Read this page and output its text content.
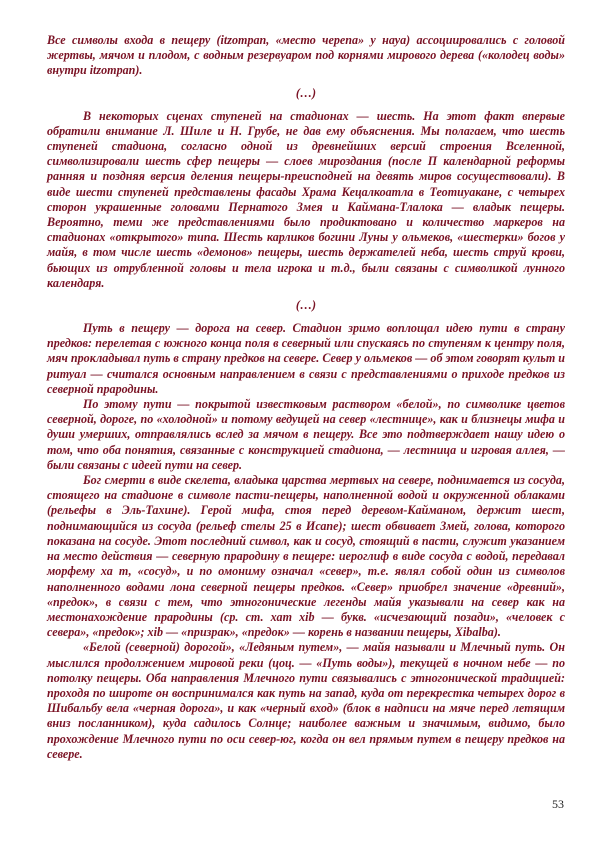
Все символы входа в пещеру (itzompan, «место черепа» у науа) ассоциировались с головой жертвы, мячом и плодом, с водным резервуаром под корнями мирового дерева («колодец воды» внутри itzompan).

(…)

В некоторых сценах ступеней на стадионах — шесть. На этот факт впервые обратили внимание Л. Шиле и Н. Грубе, не дав ему объяснения. Мы полагаем, что шесть ступеней стадиона, согласно одной из древнейших версий строения Вселенной, символизировали шесть сфер пещеры — слоев мироздания (после П календарной реформы ранняя и поздняя версия деления пещеры-преисподней на девять миров сосуществовали). В виде шести ступеней представлены фасады Храма Кецалкоатла в Теотиуакане, с четырех сторон украшенные головами Пернатого Змея и Каймана-Тлалока — владык пещеры. Вероятно, теми же представлениями было продиктовано и количество маркеров на стадионах «открытого» типа. Шесть карликов богини Луны у ольмеков, «шестерки» богов у майя, в том числе шесть «демонов» пещеры, шесть держателей неба, шесть струй крови, бьющих из отрубленной головы и тела игрока и т.д., были связаны с символикой лунного календаря.

(…)

Путь в пещеру — дорога на север. Стадион зримо воплощал идею пути в страну предков: перелетая с южного конца поля в северный или спускаясь по ступеням к центру поля, мяч прокладывал путь в страну предков на севере. Север у ольмеков — об этом говорят культ и ритуал — считался основным направлением в связи с представлениями о приходе предков из северной прародины.

По этому пути — покрытой известковым раствором «белой», по символике цветов северной, дороге, по «холодной» и потому ведущей на север «лестнице», как и близнецы мифа и души умерших, отправлялись вслед за мячом в пещеру. Все это подтверждает нашу идею о том, что оба понятия, связанные с конструкцией стадиона, — лестница и игровая аллея, — были связаны с идеей пути на север.

Бог смерти в виде скелета, владыка царства мертвых на севере, поднимается из сосуда, стоящего на стадионе в символе пасти-пещеры, наполненной водой и окруженной облаками (рельефы в Эль-Тахине). Герой мифа, стоя перед деревом-Кайманом, держит шест, поднимающийся из сосуда (рельеф стелы 25 в Исапе); шест обвивает Змей, голова, которого показана на сосуде. Этот последний символ, как и сосуд, стоящий в пасти, служит указанием на место действия — северную прародину в пещере: иероглиф в виде сосуда с водой, передавал морфему ха т, «сосуд», и по омониму означал «север», т.е. являл собой один из символов наполненного водами лона северной пещеры предков. «Север» приобрел значение «древний», «предок», в связи с тем, что этногонические легенды майя указывали на север как на местонахождение прародины (ср. ст. хат xib — букв. «исчезающий позади», «человек с севера», «предок»; xib — «призрак», «предок» — корень в названии пещеры, Xibalba).

«Белой (северной) дорогой», «Ледяным путем», — майя называли и Млечный путь. Он мыслился продолжением мировой реки (цоц. — «Путь воды»), текущей в ночном небе — по потолку пещеры. Оба направления Млечного пути связывались с этногонической традицией: проходя по широте он воспринимался как путь на запад, куда от перекрестка четырех дорог в Шибальбу вела «черная дорога», и как «черный вход» (блок в надписи на мяче перед летящим вниз посланником), куда садилось Солнце; наиболее важным и значимым, видимо, было прохождение Млечного пути по оси север-юг, когда он вел прямым путем в пещеру предков на севере.

53
